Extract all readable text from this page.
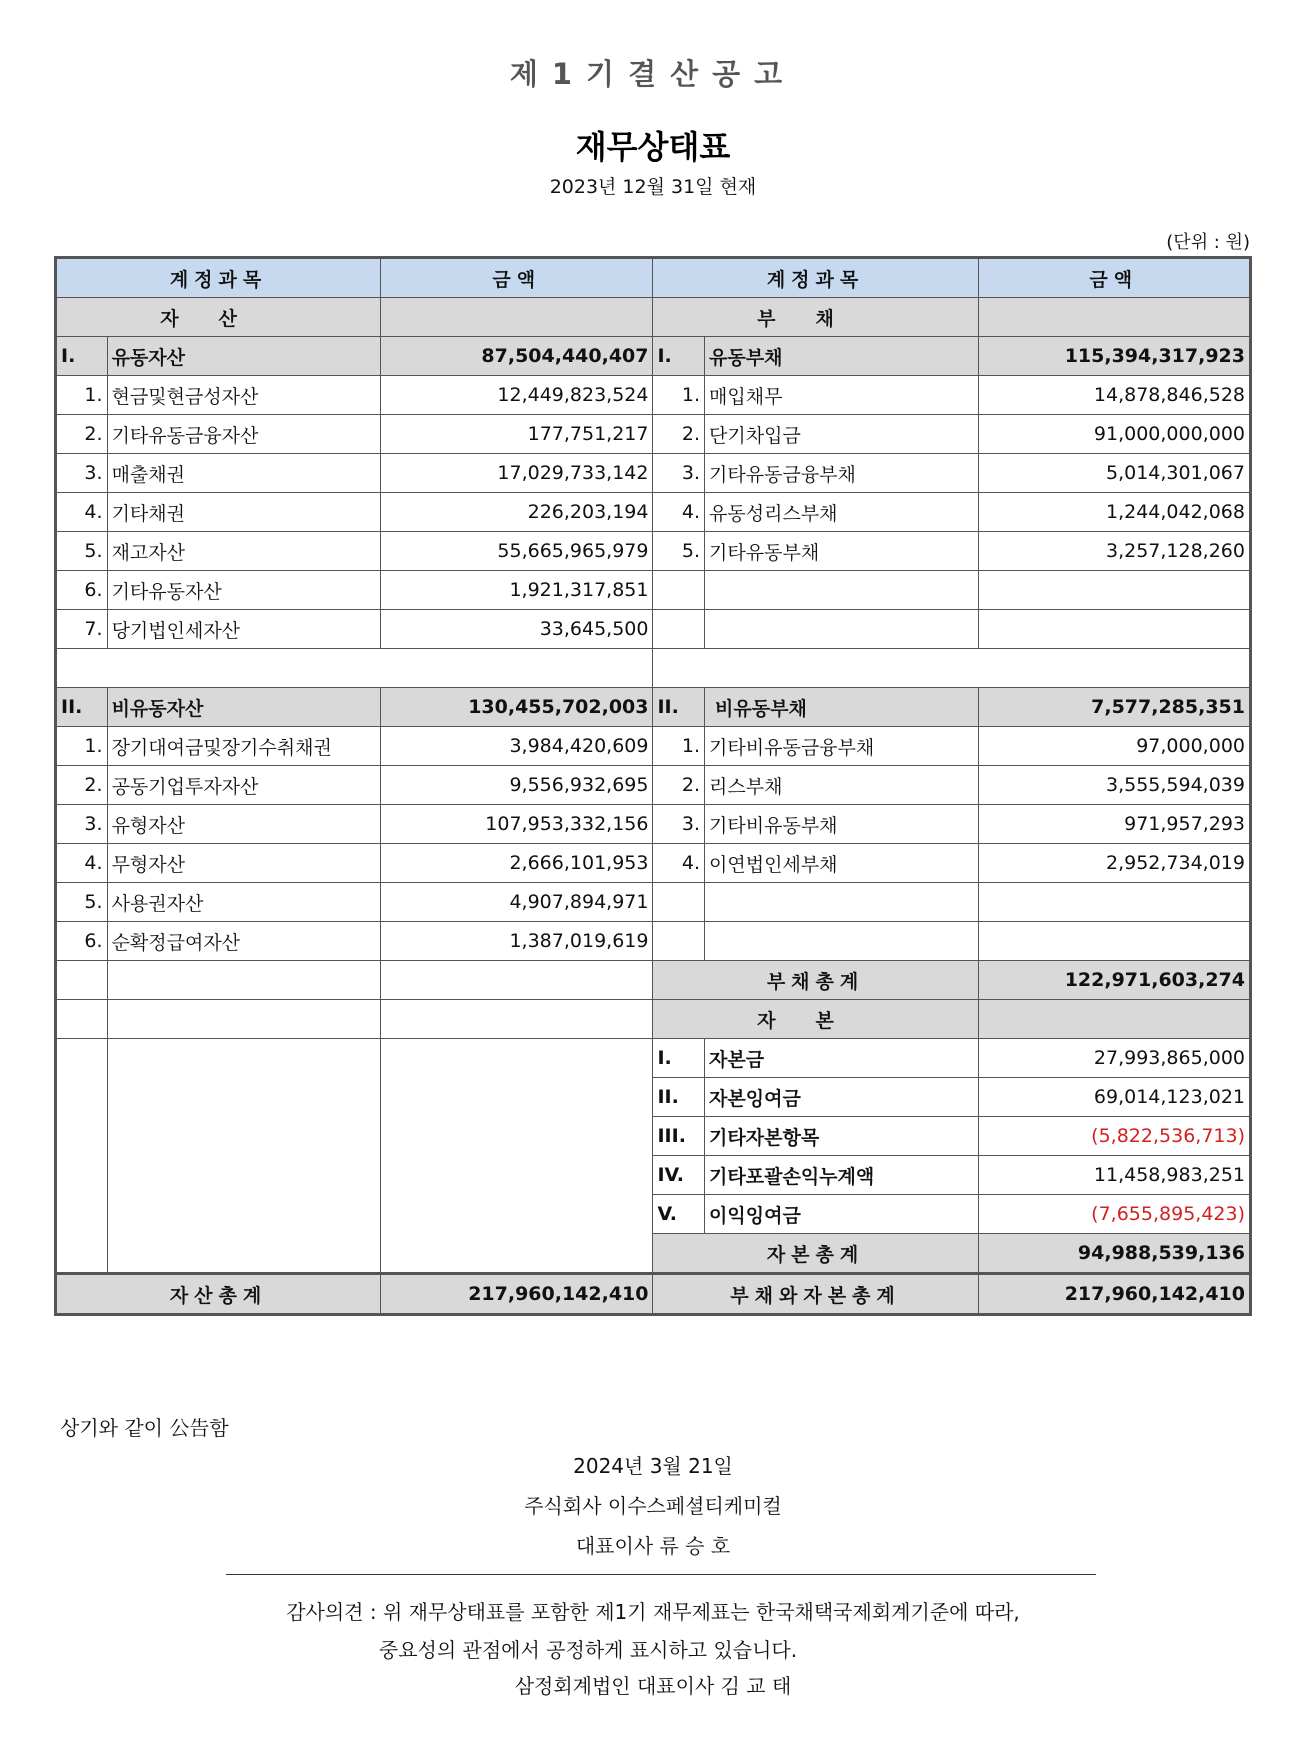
제1기결산공고
재무상태표
2023년 12월 31일 현재
(단위 : 원)
계정과목		금액	계정과목		금액
자산			부채		
I.	유동자산	87,504,440,407	I.	유동부채	115,394,317,923
1.	현금및현금성자산	12,449,823,524	1.	매입채무	14,878,846,528
2.	기타유동금융자산	177,751,217	2.	단기차입금	91,000,000,000
3.	매출채권	17,029,733,142	3.	기타유동금융부채	5,014,301,067
4.	기타채권	226,203,194	4.	유동성리스부채	1,244,042,068
5.	재고자산	55,665,965,979	5.	기타유동부채	3,257,128,260
6.	기타유동자산	1,921,317,851			
7.	당기법인세자산	33,645,500			

II.	비유동자산	130,455,702,003	II.	비유동부채	7,577,285,351
1.	장기대여금및장기수취채권	3,984,420,609	1.	기타비유동금융부채	97,000,000
2.	공동기업투자자산	9,556,932,695	2.	리스부채	3,555,594,039
3.	유형자산	107,953,332,156	3.	기타비유동부채	971,957,293
4.	무형자산	2,666,101,953	4.	이연법인세부채	2,952,734,019
5.	사용권자산	4,907,894,971			
6.	순확정급여자산	1,387,019,619			
			부채총계		122,971,603,274
			자본		
			I.	자본금	27,993,865,000
			II.	자본잉여금	69,014,123,021
			III.	기타자본항목	(5,822,536,713)
			IV.	기타포괄손익누계액	11,458,983,251
			V.	이익잉여금	(7,655,895,423)
			자본총계		94,988,539,136
자산총계		217,960,142,410	부채와자본총계		217,960,142,410
상기와 같이 公告함
2024년 3월 21일
주식회사 이수스페셜티케미컬
대표이사 류 승 호
감사의견 : 위 재무상태표를 포함한 제1기 재무제표는 한국채택국제회계기준에 따라,
중요성의 관점에서 공정하게 표시하고 있습니다.
삼정회계법인 대표이사 김 교 태
